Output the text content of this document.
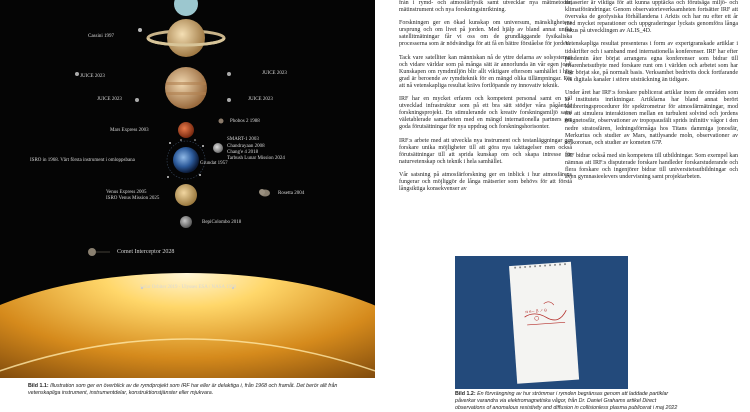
Cassini 1997
JUICE 2023
JUICE 2023
JUICE 2023	JUICE 2023
Mars Express 2003
Phobos 2 1988
SMART-1 2003
Chandrayaan 2008
Chang'e 4 2018
Tarbush Lunar Mission 2024
ISRO in 1968. Vårt första instrument i omloppsbana
Grundat 1957
Rosetta 2004
Venus Express 2005
ISRO Venus Mission 2025
BepiColombo 2018
Comet Interceptor 2028
Solar Orbiter 2019 · Ulysses ESA / NASA 1990
Bild 1.1: Illustration som ger en överblick av de rymdprojekt som IRF har eller är delaktiga i, från 1968 och framåt. Det berör allt från vetenskapliga instrument, instrumentdelar, konstruktionstjänster eller mjukvara.

från i rymd- och atmosfärfysik samt utvecklar nya mätmetoder, mätinstrument och nya forskningsinriktning.

Forskningen ger en ökad kunskap om universum, mänsklighetens ursprung och om livet på jorden. Med hjälp av bland annat unika satellitmätningar får vi oss om de grundläggande fysikaliska processerna som är nödvändiga för att få en bättre förståelse för jorden.

Tack vare satelliter kan människan nå de yttre delarna av solsystemet och vidare världar som på många sätt är annorlunda än vår egen jord. Kunskapen om rymdmiljön blir allt viktigare eftersom samhället i hög grad är beroende av rymdteknik för en mängd olika tillämpningar. För att nå vetenskapliga resultat krävs fortlöpande ny innovativ teknik.

IRF har en mycket erfaren och kompetent personal samt en väl utvecklad infrastruktur som på ett bra sätt stödjer våra pågående forskningsprojekt. En stimulerande och kreativ forskningsmiljö samt väletablerade samarbeten med en mängd internationella partners ger goda förutsättningar för nya uppdrag och forskningshorisonter.

IRF:s arbete med att utveckla nya instrument och testanläggningar ger forskare unika möjligheter till att göra nya iakttagelser men också förutsättningar till att sprida kunskap om och skapa intresse för naturvetenskap och teknik i hela samhället.

Vår satsning på atmosfärforskning ger en inblick i hur atmosfärens fungerar och möjliggör de långa mätserier som behövs för att förstå långsiktiga konsekvenser av

dataserier är viktiga för att kunna upptäcka och förutsäga miljö- och klimatförändringar. Genom observatorieverksamheten fortsätter IRF att övervaka de geofysiska förhållandena i Arktis och har nu efter ett år med mycket reparationer och uppgraderingar lyckats genomföra långa fokus på utvecklingen av ALIS_4D.

Vetenskapliga resultat presenteras i form av expertgranskade artiklar i tidskrifter och i samband med internationella konferenser. IRF har efter pandemin åter börjat arrangera egna konferenser som bidrar till erfarenhetsutbyte med forskare runt om i världen och arbetet som har åter börjat ske, på normalt basis. Verksamhet bedrivits dock fortfarande via digitala kanaler i större utsträckning än tidigare.

Under året har IRF:s forskare publicerat artiklar inom de områden som är institutets inriktningar. Artiklarna har bland annat berört kalibreringsprocedurer för spektrometrar för atmosfärmätningar, mod för att simulera interaktionen mellan en turbulent solvind och jordens magnetosfär, observationer av tropopausfält sprids infinitiv vågor i den nedre stratosfären, ledningsförmåga hos Titans dammiga jonosfär, Merkurius och studier av Mars, nattlysande moln, observationer av solkoronan, och studier av kometen 67P.

IRF bidrar också med sin kompetens till utbildningar. Som exempel kan nämnas att IRF:s disputerade forskare handleder forskarstuderande och flera forskare och ingenjörer bidrar till universitetsutbildningar och även gymnasieelevers undervisning samt projektarbeten.

π e~ β ↗ θ
Bild 1.2: En förvrängning av hur strömmar i rymden begränsas genom att laddade partiklar påverkar varandra via elektromagnetiska vågor, från Dr. Daniel Grahams artikel Direct observations of anomalous resistivity and diffusion in collisionless plasma publicerat i maj 2022
